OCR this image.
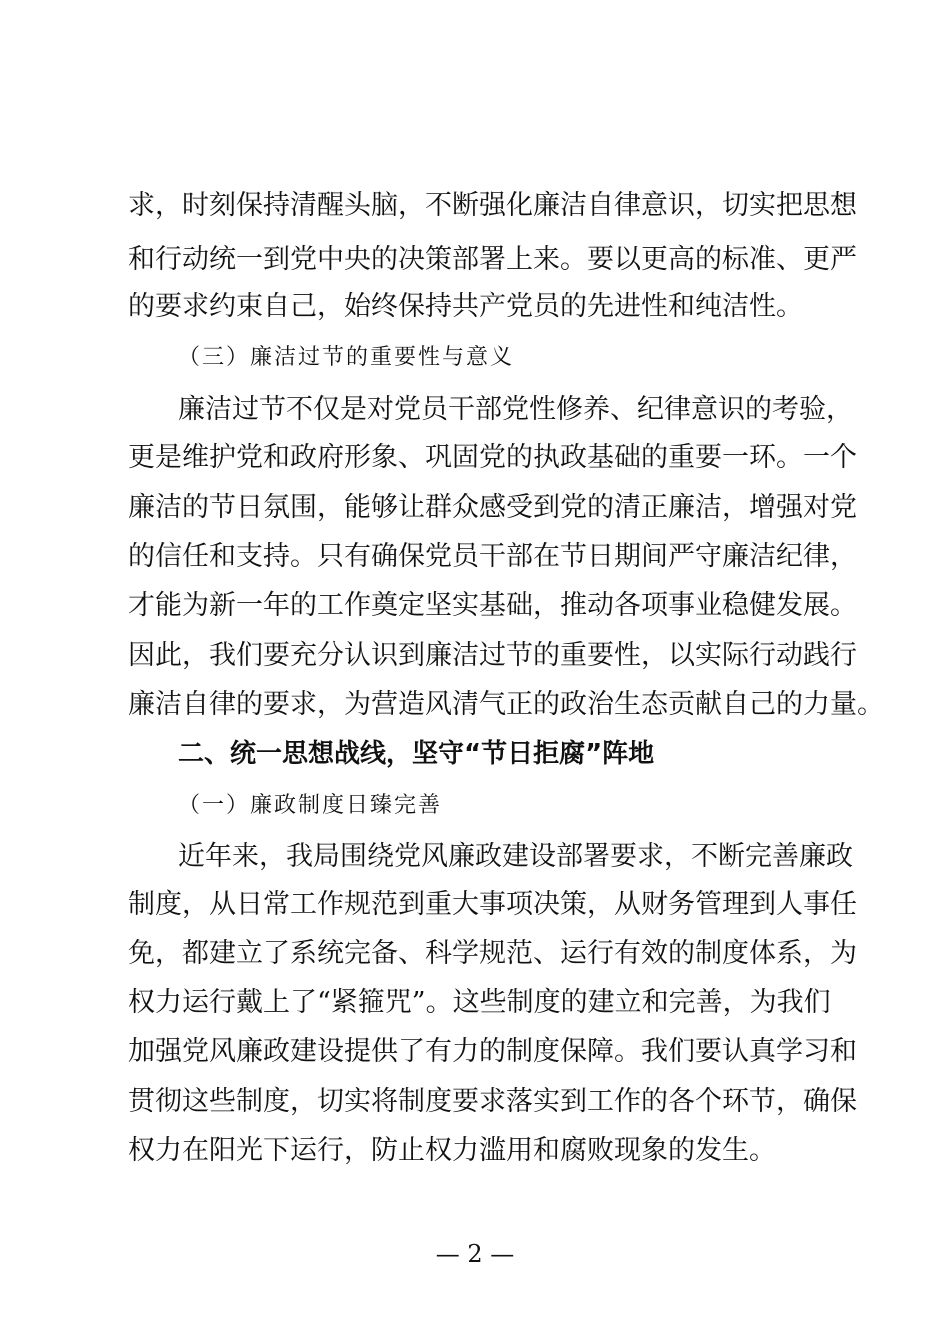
求，时刻保持清醒头脑，不断强化廉洁自律意识，切实把思想
和行动统一到党中央的决策部署上来。要以更高的标准、更严
的要求约束自己，始终保持共产党员的先进性和纯洁性。
（三）廉洁过节的重要性与意义
廉洁过节不仅是对党员干部党性修养、纪律意识的考验，
更是维护党和政府形象、巩固党的执政基础的重要一环。一个
廉洁的节日氛围，能够让群众感受到党的清正廉洁，增强对党
的信任和支持。只有确保党员干部在节日期间严守廉洁纪律，
才能为新一年的工作奠定坚实基础，推动各项事业稳健发展。
因此，我们要充分认识到廉洁过节的重要性，以实际行动践行
廉洁自律的要求，为营造风清气正的政治生态贡献自己的力量。
二、统一思想战线，坚守“节日拒腐”阵地
（一）廉政制度日臻完善
近年来，我局围绕党风廉政建设部署要求，不断完善廉政
制度，从日常工作规范到重大事项决策，从财务管理到人事任
免，都建立了系统完备、科学规范、运行有效的制度体系，为
权力运行戴上了“紧箍咒”。这些制度的建立和完善，为我们
加强党风廉政建设提供了有力的制度保障。我们要认真学习和
贯彻这些制度，切实将制度要求落实到工作的各个环节，确保
权力在阳光下运行，防止权力滥用和腐败现象的发生。
— 2 —
